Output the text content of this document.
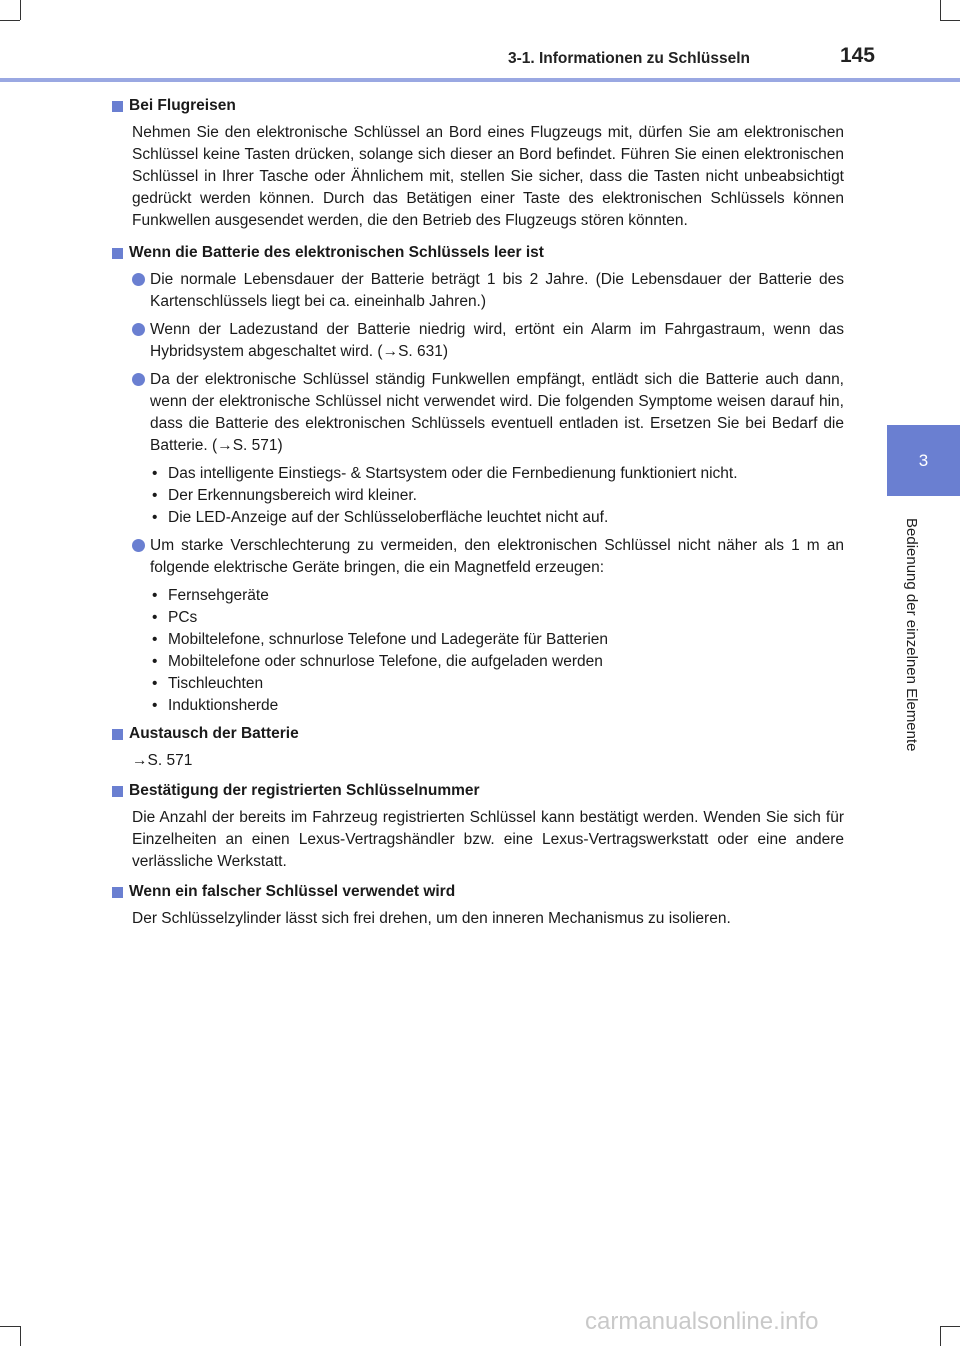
3-1. Informationen zu Schlüsseln	145
3
Bedienung der einzelnen Elemente
Bei Flugreisen
Nehmen Sie den elektronische Schlüssel an Bord eines Flugzeugs mit, dürfen Sie am elektronischen Schlüssel keine Tasten drücken, solange sich dieser an Bord befindet. Führen Sie einen elektronischen Schlüssel in Ihrer Tasche oder Ähnlichem mit, stellen Sie sicher, dass die Tasten nicht unbeabsichtigt gedrückt werden können. Durch das Betätigen einer Taste des elektronischen Schlüssels können Funkwellen ausgesendet werden, die den Betrieb des Flugzeugs stören könnten.
Wenn die Batterie des elektronischen Schlüssels leer ist
Die normale Lebensdauer der Batterie beträgt 1 bis 2 Jahre. (Die Lebensdauer der Batterie des Kartenschlüssels liegt bei ca. eineinhalb Jahren.)
Wenn der Ladezustand der Batterie niedrig wird, ertönt ein Alarm im Fahrgastraum, wenn das Hybridsystem abgeschaltet wird. (→S. 631)
Da der elektronische Schlüssel ständig Funkwellen empfängt, entlädt sich die Batterie auch dann, wenn der elektronische Schlüssel nicht verwendet wird. Die folgenden Symptome weisen darauf hin, dass die Batterie des elektronischen Schlüssels eventuell entladen ist. Ersetzen Sie bei Bedarf die Batterie. (→S. 571)
• Das intelligente Einstiegs- & Startsystem oder die Fernbedienung funktioniert nicht.
• Der Erkennungsbereich wird kleiner.
• Die LED-Anzeige auf der Schlüsseloberfläche leuchtet nicht auf.
Um starke Verschlechterung zu vermeiden, den elektronischen Schlüssel nicht näher als 1 m an folgende elektrische Geräte bringen, die ein Magnetfeld erzeugen:
• Fernsehgeräte
• PCs
• Mobiltelefone, schnurlose Telefone und Ladegeräte für Batterien
• Mobiltelefone oder schnurlose Telefone, die aufgeladen werden
• Tischleuchten
• Induktionsherde
Austausch der Batterie
→S. 571
Bestätigung der registrierten Schlüsselnummer
Die Anzahl der bereits im Fahrzeug registrierten Schlüssel kann bestätigt werden. Wenden Sie sich für Einzelheiten an einen Lexus-Vertragshändler bzw. eine Lexus-Vertragswerkstatt oder eine andere verlässliche Werkstatt.
Wenn ein falscher Schlüssel verwendet wird
Der Schlüsselzylinder lässt sich frei drehen, um den inneren Mechanismus zu isolieren.
carmanualsonline.info
